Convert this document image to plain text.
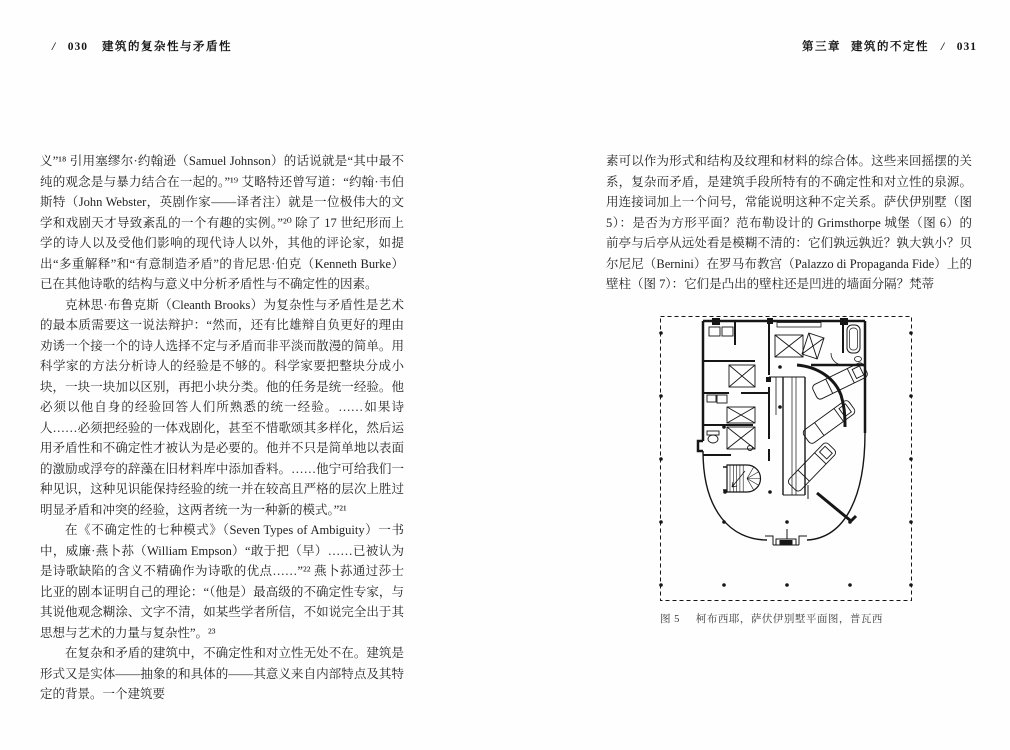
/ 030 建筑的复杂性与矛盾性

义”¹⁸ 引用塞缪尔·约翰逊（Samuel Johnson）的话说就是“其中最不纯的观念是与暴力结合在一起的。”¹⁹ 艾略特还曾写道：“约翰·韦伯斯特（John Webster，英剧作家——译者注）就是一位极伟大的文学和戏剧天才导致紊乱的一个有趣的实例。”²⁰ 除了 17 世纪形而上学的诗人以及受他们影响的现代诗人以外，其他的评论家，如提出“多重解释”和“有意制造矛盾”的肯尼思·伯克（Kenneth Burke）已在其他诗歌的结构与意义中分析矛盾性与不确定性的因素。

克林思·布鲁克斯（Cleanth Brooks）为复杂性与矛盾性是艺术的最本质需要这一说法辩护：“然而，还有比雄辩自负更好的理由劝诱一个接一个的诗人选择不定与矛盾而非平淡而散漫的简单。用科学家的方法分析诗人的经验是不够的。科学家要把整块分成小块，一块一块加以区别，再把小块分类。他的任务是统一经验。他必须以他自身的经验回答人们所熟悉的统一经验。……如果诗人……必须把经验的一体戏剧化，甚至不惜歌颂其多样化，然后运用矛盾性和不确定性才被认为是必要的。他并不只是简单地以表面的激励或浮夸的辞藻在旧材料库中添加香料。……他宁可给我们一种见识，这种见识能保持经验的统一并在较高且严格的层次上胜过明显矛盾和冲突的经验，这两者统一为一种新的模式。”²¹

在《不确定性的七种模式》（Seven Types of Ambiguity）一书中，威廉·燕卜荪（William Empson）“敢于把（早）……已被认为是诗歌缺陷的含义不精确作为诗歌的优点……”²² 燕卜荪通过莎士比亚的剧本证明自己的理论：“（他是）最高级的不确定性专家，与其说他观念糊涂、文字不清，如某些学者所信，不如说完全出于其思想与艺术的力量与复杂性”。²³

在复杂和矛盾的建筑中，不确定性和对立性无处不在。建筑是形式又是实体——抽象的和具体的——其意义来自内部特点及其特定的背景。一个建筑要

第三章 建筑的不定性 / 031

素可以作为形式和结构及纹理和材料的综合体。这些来回摇摆的关系，复杂而矛盾，是建筑手段所特有的不确定性和对立性的泉源。用连接词加上一个问号，常能说明这种不定关系。萨伏伊别墅（图 5）：是否为方形平面？范布勒设计的 Grimsthorpe 城堡（图 6）的前亭与后亭从远处看是模糊不清的：它们孰远孰近？孰大孰小？贝尔尼尼（Bernini）在罗马布教宫（Palazzo di Propaganda Fide）上的壁柱（图 7）：它们是凸出的壁柱还是凹进的墙面分隔？梵蒂

图 5 柯布西耶，萨伏伊别墅平面图，普瓦西
